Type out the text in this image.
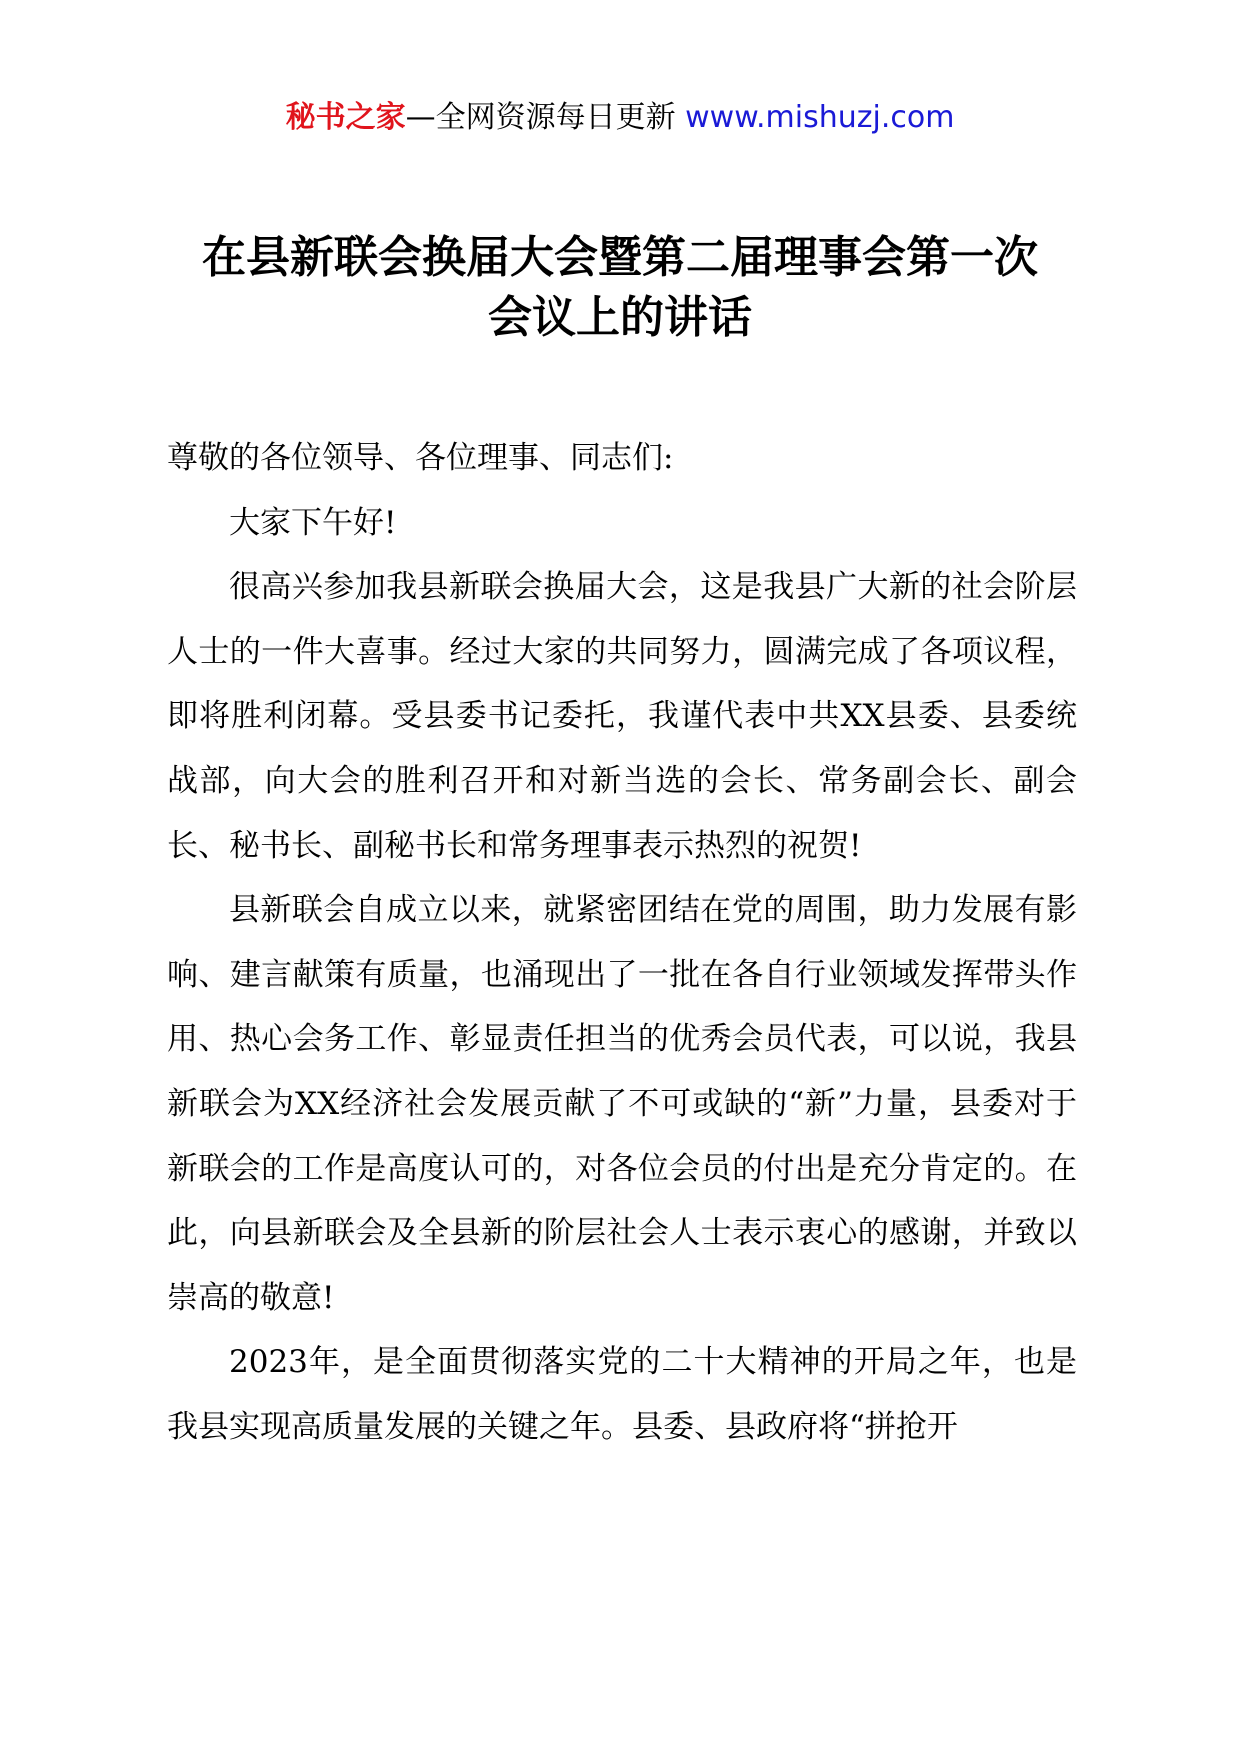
秘书之家—全网资源每日更新 www.mishuzj.com
在县新联会换届大会暨第二届理事会第一次
会议上的讲话

尊敬的各位领导、各位理事、同志们:

大家下午好!

很高兴参加我县新联会换届大会，这是我县广大新的社会阶层人士的一件大喜事。经过大家的共同努力，圆满完成了各项议程，即将胜利闭幕。受县委书记委托，我谨代表中共XX县委、县委统战部，向大会的胜利召开和对新当选的会长、常务副会长、副会长、秘书长、副秘书长和常务理事表示热烈的祝贺!

县新联会自成立以来，就紧密团结在党的周围，助力发展有影响、建言献策有质量，也涌现出了一批在各自行业领域发挥带头作用、热心会务工作、彰显责任担当的优秀会员代表，可以说，我县新联会为XX经济社会发展贡献了不可或缺的“新”力量，县委对于新联会的工作是高度认可的，对各位会员的付出是充分肯定的。在此，向县新联会及全县新的阶层社会人士表示衷心的感谢，并致以崇高的敬意!

2023年，是全面贯彻落实党的二十大精神的开局之年，也是我县实现高质量发展的关键之年。县委、县政府将“拼抢开
